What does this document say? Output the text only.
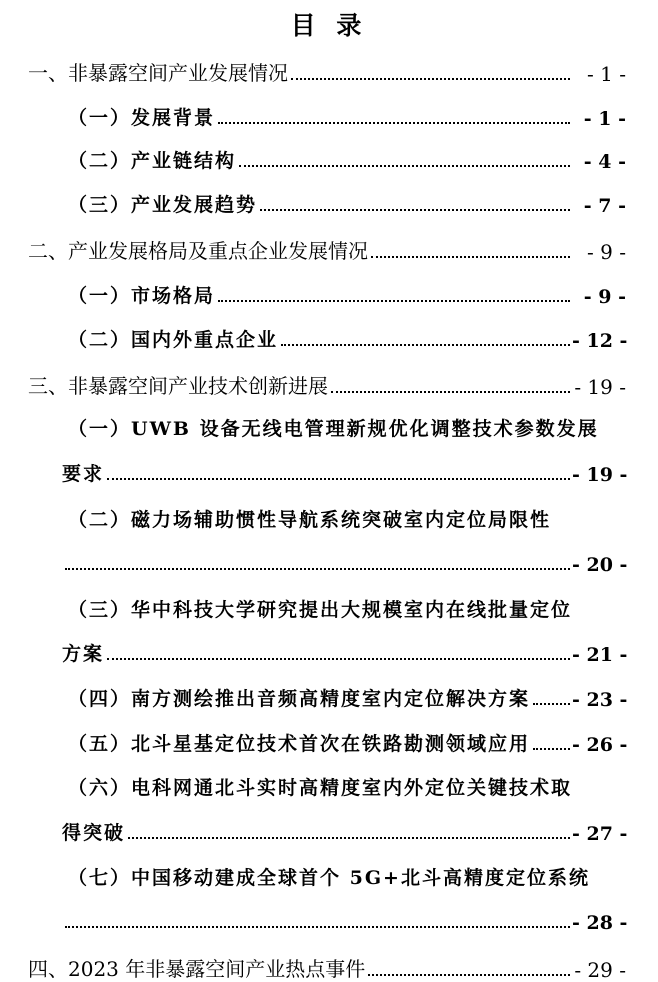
目 录
一、非暴露空间产业发展情况	- 1 -
（一）发展背景	- 1 -
（二）产业链结构	- 4 -
（三）产业发展趋势	- 7 -
二、产业发展格局及重点企业发展情况	- 9 -
（一）市场格局	- 9 -
（二）国内外重点企业	- 12 -
三、非暴露空间产业技术创新进展	- 19 -
（一）UWB 设备无线电管理新规优化调整技术参数发展
要求	- 19 -
（二）磁力场辅助惯性导航系统突破室内定位局限性
- 20 -
（三）华中科技大学研究提出大规模室内在线批量定位
方案	- 21 -
（四）南方测绘推出音频高精度室内定位解决方案 - 23 -
（五）北斗星基定位技术首次在铁路勘测领域应用 - 26 -
（六）电科网通北斗实时高精度室内外定位关键技术取
得突破	- 27 -
（七）中国移动建成全球首个 5G+北斗高精度定位系统
- 28 -
四、2023 年非暴露空间产业热点事件	- 29 -
